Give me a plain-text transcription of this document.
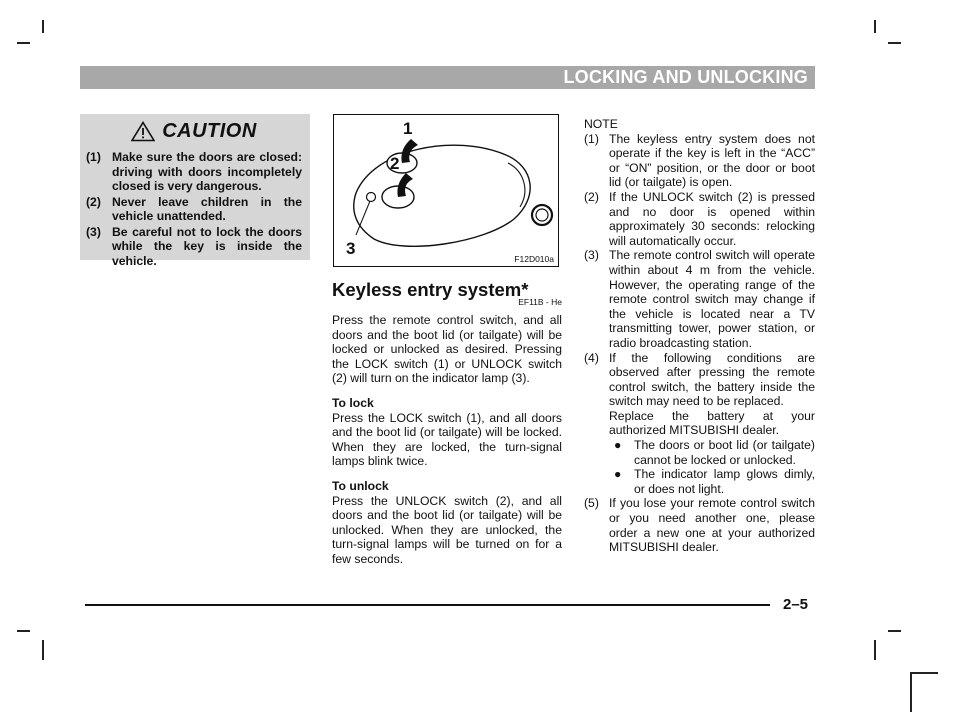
LOCKING AND UNLOCKING
CAUTION
(1) Make sure the doors are closed: driving with doors incompletely closed is very dangerous.
(2) Never leave children in the vehicle unattended.
(3) Be careful not to lock the doors while the key is inside the vehicle.
1
2
3
F12D010a
Keyless entry system*
EF11B - He

Press the remote control switch, and all doors and the boot lid (or tailgate) will be locked or unlocked as desired. Pressing the LOCK switch (1) or UNLOCK switch (2) will turn on the indicator lamp (3).

To lock

Press the LOCK switch (1), and all doors and the boot lid (or tailgate) will be locked. When they are locked, the turn-signal lamps blink twice.

To unlock

Press the UNLOCK switch (2), and all doors and the boot lid (or tailgate) will be unlocked. When they are unlocked, the turn-signal lamps will be turned on for a few seconds.

NOTE

(1) The keyless entry system does not operate if the key is left in the “ACC” or “ON” position, or the door or boot lid (or tailgate) is open.
(2) If the UNLOCK switch (2) is pressed and no door is opened within approximately 30 seconds: relocking will automatically occur.
(3) The remote control switch will operate within about 4 m from the vehicle. However, the operating range of the remote control switch may change if the vehicle is located near a TV transmitting tower, power station, or radio broadcasting station.
(4) If the following conditions are observed after pressing the remote control switch, the battery inside the switch may need to be replaced.
Replace the battery at your authorized MITSUBISHI dealer.
●	The doors or boot lid (or tailgate) cannot be locked or unlocked.
●	The indicator lamp glows dimly, or does not light.
(5) If you lose your remote control switch or you need another one, please order a new one at your authorized MITSUBISHI dealer.
2–5
